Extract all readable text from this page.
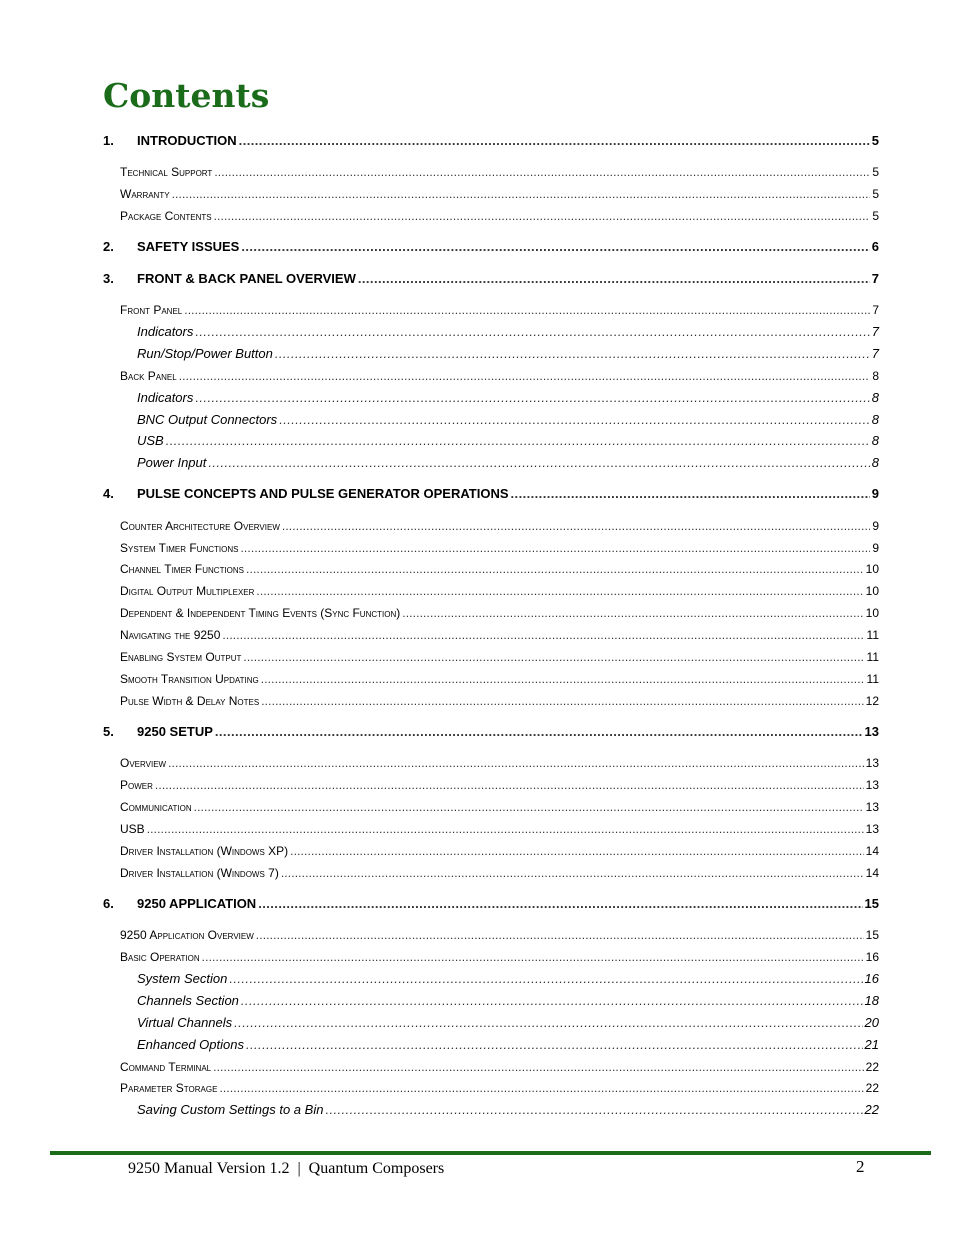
Contents
1.	INTRODUCTION . . .	5
Technical Support . . .	5
Warranty . . .	5
Package Contents . . .	5
2.	SAFETY ISSUES . . .	6
3.	FRONT & BACK PANEL OVERVIEW . . .	7
Front Panel . . .	7
Indicators . . .	7
Run/Stop/Power Button . . .	7
Back Panel . . .	8
Indicators . . .	8
BNC Output Connectors . . .	8
USB . . .	8
Power Input . . .	8
4.	PULSE CONCEPTS AND PULSE GENERATOR OPERATIONS . . .	9
Counter Architecture Overview . . .	9
System Timer Functions . . .	9
Channel Timer Functions . . .	10
Digital Output Multiplexer . . .	10
Dependent & Independent Timing Events (Sync Function) . . .	10
Navigating the 9250 . . .	11
Enabling System Output . . .	11
Smooth Transition Updating . . .	11
Pulse Width & Delay Notes . . .	12
5.	9250 SETUP . . .	13
Overview . . .	13
Power . . .	13
Communication . . .	13
USB . . .	13
Driver Installation (Windows XP) . . .	14
Driver Installation (Windows 7) . . .	14
6.	9250 APPLICATION . . .	15
9250 Application Overview . . .	15
Basic Operation . . .	16
System Section . . .	16
Channels Section . . .	18
Virtual Channels . . .	20
Enhanced Options . . .	21
Command Terminal . . .	22
Parameter Storage . . .	22
Saving Custom Settings to a Bin . . .	22
9250 Manual Version 1.2  |  Quantum Composers	2
